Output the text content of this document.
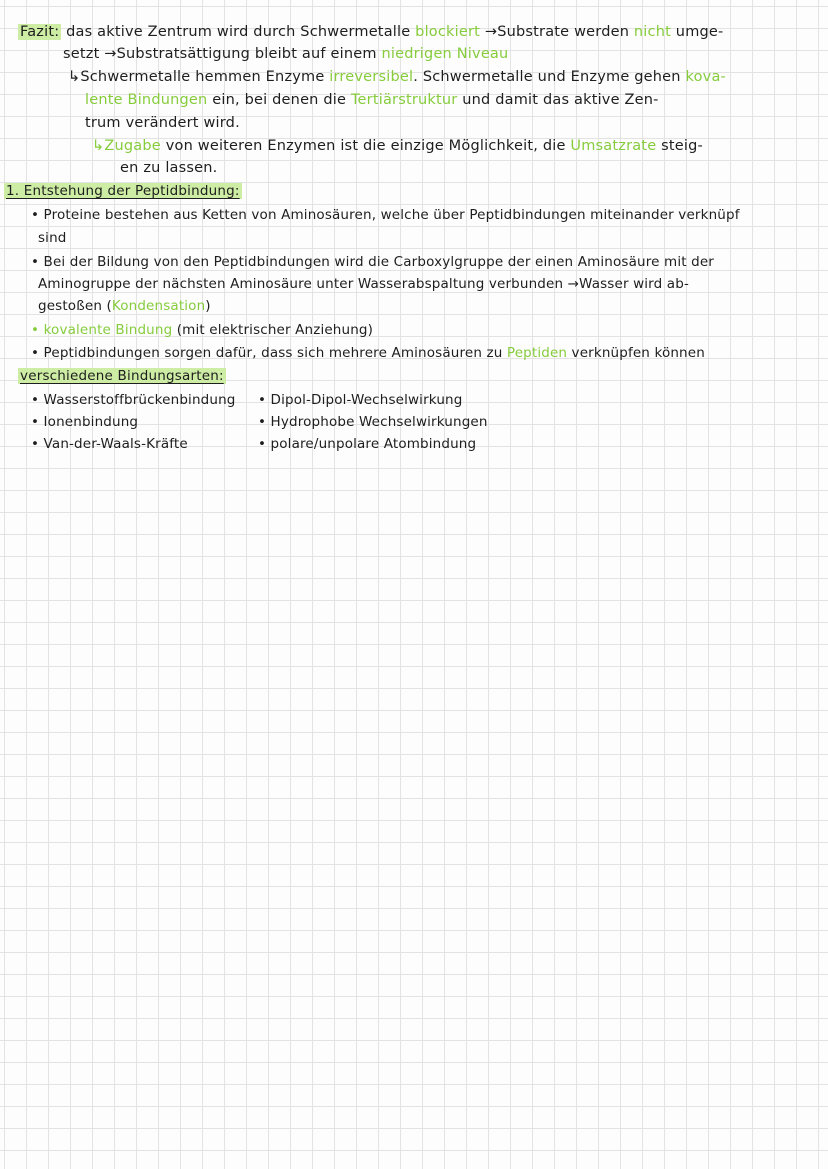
Fazit: das aktive Zentrum wird durch Schwermetalle blockiert →Substrate werden nicht umge-
setzt →Substratsättigung bleibt auf einem niedrigen Niveau
↳Schwermetalle hemmen Enzyme irreversibel. Schwermetalle und Enzyme gehen kova-
lente Bindungen ein, bei denen die Tertiärstruktur und damit das aktive Zen-
trum verändert wird.
↳Zugabe von weiteren Enzymen ist die einzige Möglichkeit, die Umsatzrate steig-
en zu lassen.
1. Entstehung der Peptidbindung:
• Proteine bestehen aus Ketten von Aminosäuren, welche über Peptidbindungen miteinander verknüpf
sind
• Bei der Bildung von den Peptidbindungen wird die Carboxylgruppe der einen Aminosäure mit der
Aminogruppe der nächsten Aminosäure unter Wasserabspaltung verbunden →Wasser wird ab-
gestoßen (Kondensation)
• kovalente Bindung (mit elektrischer Anziehung)
• Peptidbindungen sorgen dafür, dass sich mehrere Aminosäuren zu Peptiden verknüpfen können
verschiedene Bindungsarten:
• Wasserstoffbrückenbindung
• Ionenbindung
• Van-der-Waals-Kräfte
• Dipol-Dipol-Wechselwirkung
• Hydrophobe Wechselwirkungen
• polare/unpolare Atombindung
